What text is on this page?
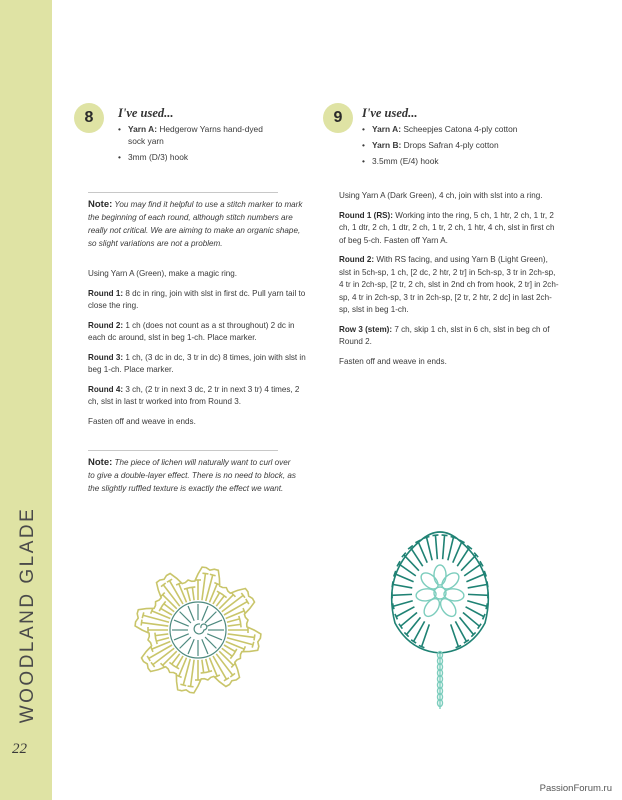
WOODLAND GLADE
22
8	I've used...
• Yarn A: Hedgerow Yarns hand-dyed sock yarn
• 3mm (D/3) hook
Note: You may find it helpful to use a stitch marker to mark the beginning of each round, although stitch numbers are really not critical. We are aiming to make an organic shape, so slight variations are not a problem.

Using Yarn A (Green), make a magic ring.

Round 1: 8 dc in ring, join with slst in first dc. Pull yarn tail to close the ring.

Round 2: 1 ch (does not count as a st throughout) 2 dc in each dc around, slst in beg 1-ch. Place marker.

Round 3: 1 ch, (3 dc in dc, 3 tr in dc) 8 times, join with slst in beg 1-ch. Place marker.

Round 4: 3 ch, (2 tr in next 3 dc, 2 tr in next 3 tr) 4 times, 2 ch, slst in last tr worked into from Round 3.

Fasten off and weave in ends.

Note: The piece of lichen will naturally want to curl over to give a double-layer effect. There is no need to block, as the slightly ruffled texture is exactly the effect we want.
9	I've used...
• Yarn A: Scheepjes Catona 4-ply cotton
• Yarn B: Drops Safran 4-ply cotton
• 3.5mm (E/4) hook

Using Yarn A (Dark Green), 4 ch, join with slst into a ring.

Round 1 (RS): Working into the ring, 5 ch, 1 htr, 2 ch, 1 tr, 2 ch, 1 dtr, 2 ch, 1 dtr, 2 ch, 1 tr, 2 ch, 1 htr, 4 ch, slst in first ch of beg 5-ch. Fasten off Yarn A.

Round 2: With RS facing, and using Yarn B (Light Green), slst in 5ch-sp, 1 ch, [2 dc, 2 htr, 2 tr] in 5ch-sp, 3 tr in 2ch-sp, 4 tr in 2ch-sp, [2 tr, 2 ch, slst in 2nd ch from hook, 2 tr] in 2ch-sp, 4 tr in 2ch-sp, 3 tr in 2ch-sp, [2 tr, 2 htr, 2 dc] in last 2ch-sp, slst in beg 1-ch.

Row 3 (stem): 7 ch, skip 1 ch, slst in 6 ch, slst in beg ch of Round 2.

Fasten off and weave in ends.

PassionForum.ru
